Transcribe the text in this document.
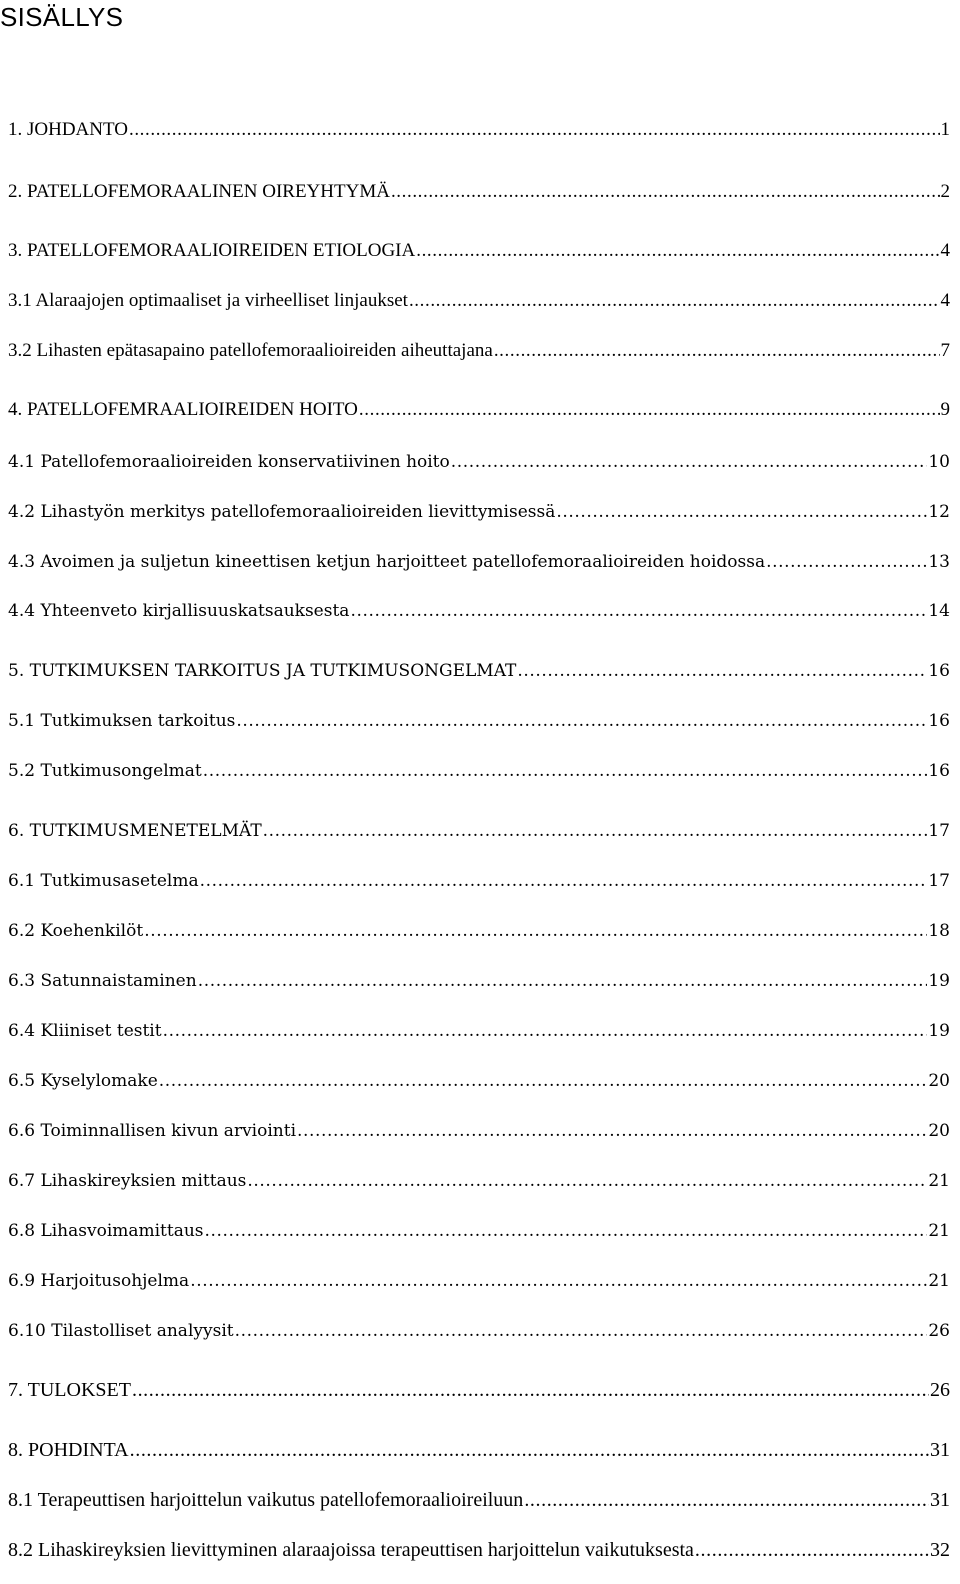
SISÄLLYS
1. JOHDANTO .....	1
2. PATELLOFEMORAALINEN OIREYHTYMÄ .....	2
3. PATELLOFEMORAALIOIREIDEN ETIOLOGIA .....	4
3.1 Alaraajojen optimaaliset ja virheelliset linjaukset .....	4
3.2 Lihasten epätasapaino patellofemoraalioireiden aiheuttajana .....	7
4. PATELLOFEMRAALIOIREIDEN HOITO .....	9
4.1 Patellofemoraalioireiden konservatiivinen hoito .....	10
4.2 Lihastyön merkitys patellofemoraalioireiden lievittymisessä .....	12
4.3 Avoimen ja suljetun kineettisen ketjun harjoitteet patellofemoraalioireiden hoidossa .....	13
4.4 Yhteenveto kirjallisuuskatsauksesta .....	14
5. TUTKIMUKSEN TARKOITUS JA TUTKIMUSONGELMAT .....	16
5.1 Tutkimuksen tarkoitus .....	16
5.2 Tutkimusongelmat .....	16
6. TUTKIMUSMENETELMÄT .....	17
6.1 Tutkimusasetelma .....	17
6.2 Koehenkilöt .....	18
6.3 Satunnaistaminen .....	19
6.4 Kliiniset testit .....	19
6.5 Kyselylomake .....	20
6.6 Toiminnallisen kivun arviointi .....	20
6.7 Lihaskireyksien mittaus .....	21
6.8 Lihasvoimamittaus .....	21
6.9 Harjoitusohjelma .....	21
6.10 Tilastolliset analyysit .....	26
7. TULOKSET .....	26
8. POHDINTA .....	31
8.1 Terapeuttisen harjoittelun vaikutus patellofemoraalioireiluun .....	31
8.2 Lihaskireyksien lievittyminen alaraajoissa terapeuttisen harjoittelun vaikutuksesta .....	32
